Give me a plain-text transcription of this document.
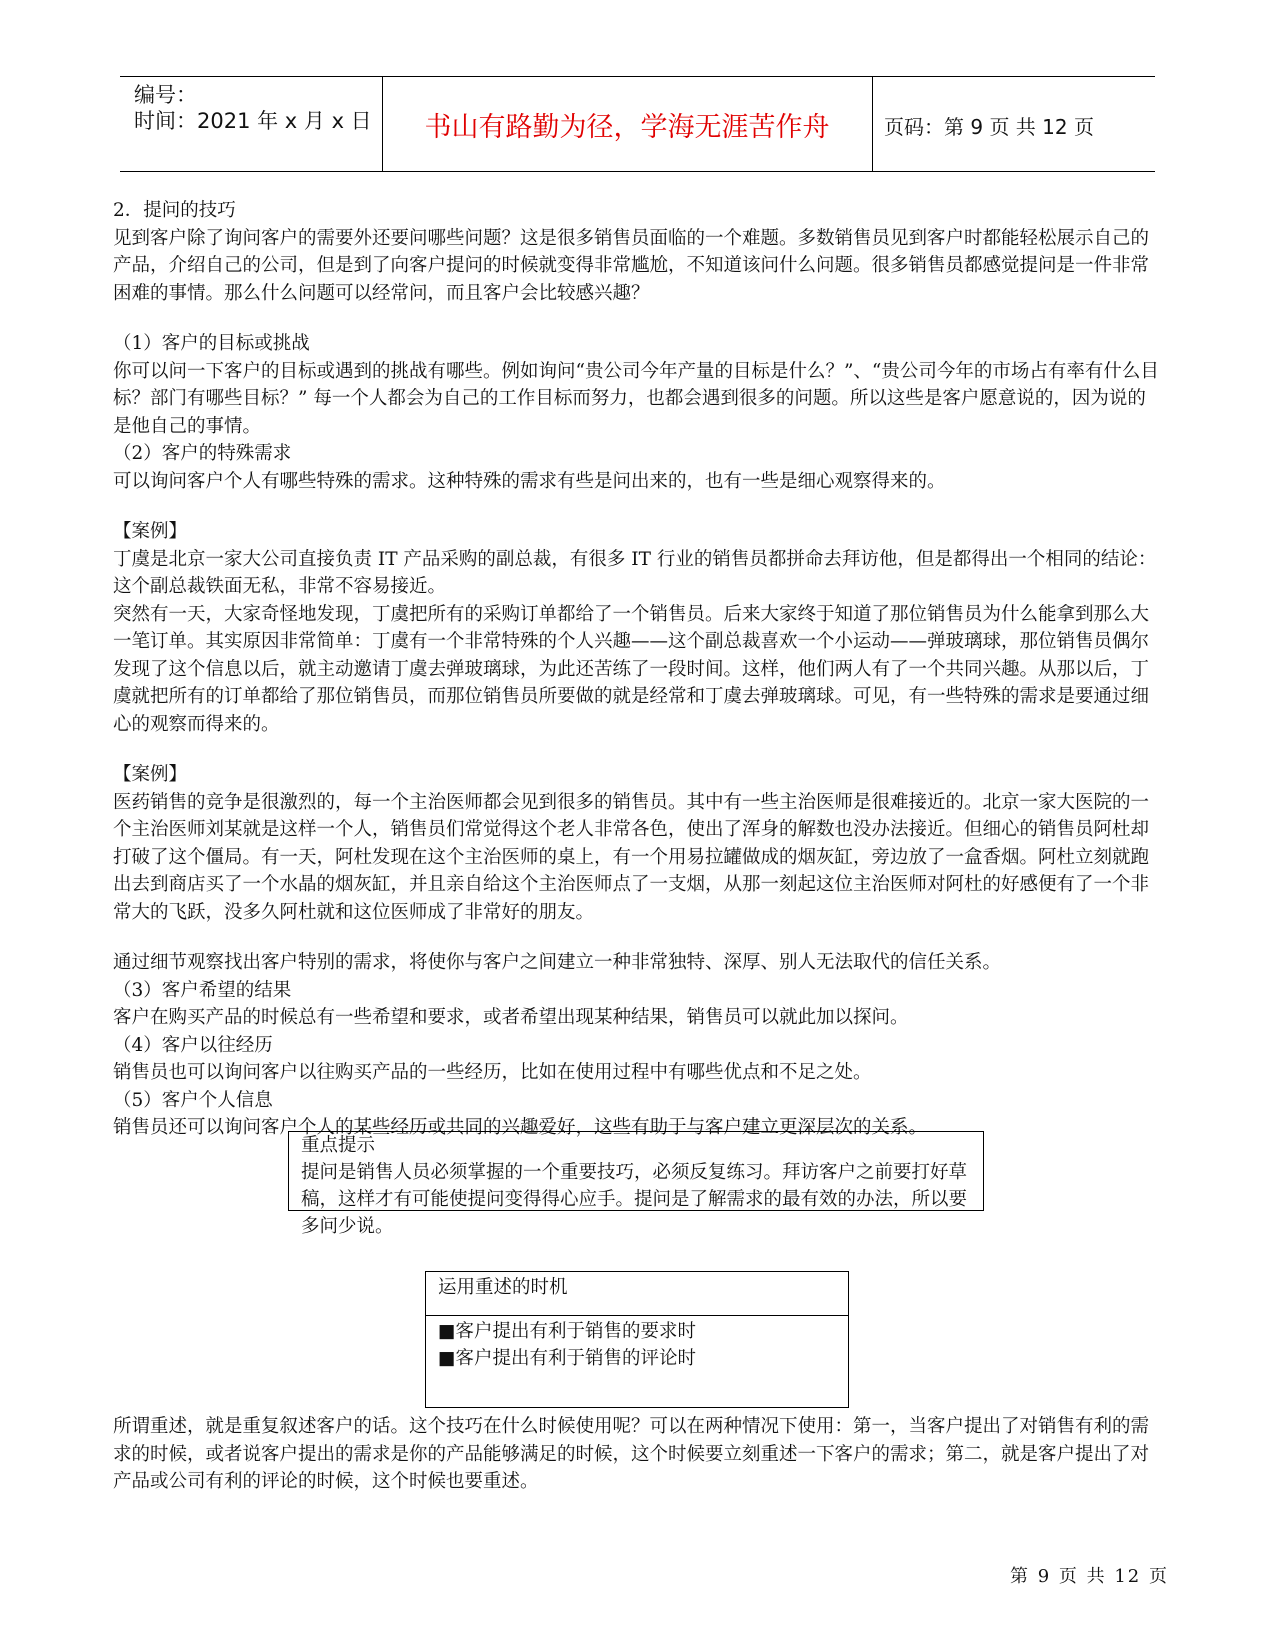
编号：
时间：2021 年 x 月 x 日	书山有路勤为径，学海无涯苦作舟	页码：第 9 页 共 12 页

2．提问的技巧

见到客户除了询问客户的需要外还要问哪些问题？这是很多销售员面临的一个难题。多数销售员见到客户时都能轻松展示自己的产品，介绍自己的公司，但是到了向客户提问的时候就变得非常尴尬，不知道该问什么问题。很多销售员都感觉提问是一件非常困难的事情。那么什么问题可以经常问，而且客户会比较感兴趣？

（1）客户的目标或挑战

你可以问一下客户的目标或遇到的挑战有哪些。例如询问“贵公司今年产量的目标是什么？”、“贵公司今年的市场占有率有什么目标？部门有哪些目标？” 每一个人都会为自己的工作目标而努力，也都会遇到很多的问题。所以这些是客户愿意说的，因为说的是他自己的事情。

（2）客户的特殊需求

可以询问客户个人有哪些特殊的需求。这种特殊的需求有些是问出来的，也有一些是细心观察得来的。

【案例】

丁虞是北京一家大公司直接负责 IT 产品采购的副总裁，有很多 IT 行业的销售员都拼命去拜访他，但是都得出一个相同的结论：这个副总裁铁面无私，非常不容易接近。

突然有一天，大家奇怪地发现，丁虞把所有的采购订单都给了一个销售员。后来大家终于知道了那位销售员为什么能拿到那么大一笔订单。其实原因非常简单：丁虞有一个非常特殊的个人兴趣——这个副总裁喜欢一个小运动——弹玻璃球，那位销售员偶尔发现了这个信息以后，就主动邀请丁虞去弹玻璃球，为此还苦练了一段时间。这样，他们两人有了一个共同兴趣。从那以后，丁虞就把所有的订单都给了那位销售员，而那位销售员所要做的就是经常和丁虞去弹玻璃球。可见，有一些特殊的需求是要通过细心的观察而得来的。

【案例】

医药销售的竞争是很激烈的，每一个主治医师都会见到很多的销售员。其中有一些主治医师是很难接近的。北京一家大医院的一个主治医师刘某就是这样一个人，销售员们常觉得这个老人非常各色，使出了浑身的解数也没办法接近。但细心的销售员阿杜却打破了这个僵局。有一天，阿杜发现在这个主治医师的桌上，有一个用易拉罐做成的烟灰缸，旁边放了一盒香烟。阿杜立刻就跑出去到商店买了一个水晶的烟灰缸，并且亲自给这个主治医师点了一支烟，从那一刻起这位主治医师对阿杜的好感便有了一个非常大的飞跃，没多久阿杜就和这位医师成了非常好的朋友。

通过细节观察找出客户特别的需求，将使你与客户之间建立一种非常独特、深厚、别人无法取代的信任关系。

（3）客户希望的结果

客户在购买产品的时候总有一些希望和要求，或者希望出现某种结果，销售员可以就此加以探问。

（4）客户以往经历

销售员也可以询问客户以往购买产品的一些经历，比如在使用过程中有哪些优点和不足之处。

（5）客户个人信息

销售员还可以询问客户个人的某些经历或共同的兴趣爱好，这些有助于与客户建立更深层次的关系。

重点提示
提问是销售人员必须掌握的一个重要技巧，必须反复练习。拜访客户之前要打好草稿，这样才有可能使提问变得得心应手。提问是了解需求的最有效的办法，所以要多问少说。
运用重述的时机
■客户提出有利于销售的要求时
■客户提出有利于销售的评论时

所谓重述，就是重复叙述客户的话。这个技巧在什么时候使用呢？可以在两种情况下使用：第一，当客户提出了对销售有利的需求的时候，或者说客户提出的需求是你的产品能够满足的时候，这个时候要立刻重述一下客户的需求；第二，就是客户提出了对产品或公司有利的评论的时候，这个时候也要重述。

第 9 页 共 12 页
